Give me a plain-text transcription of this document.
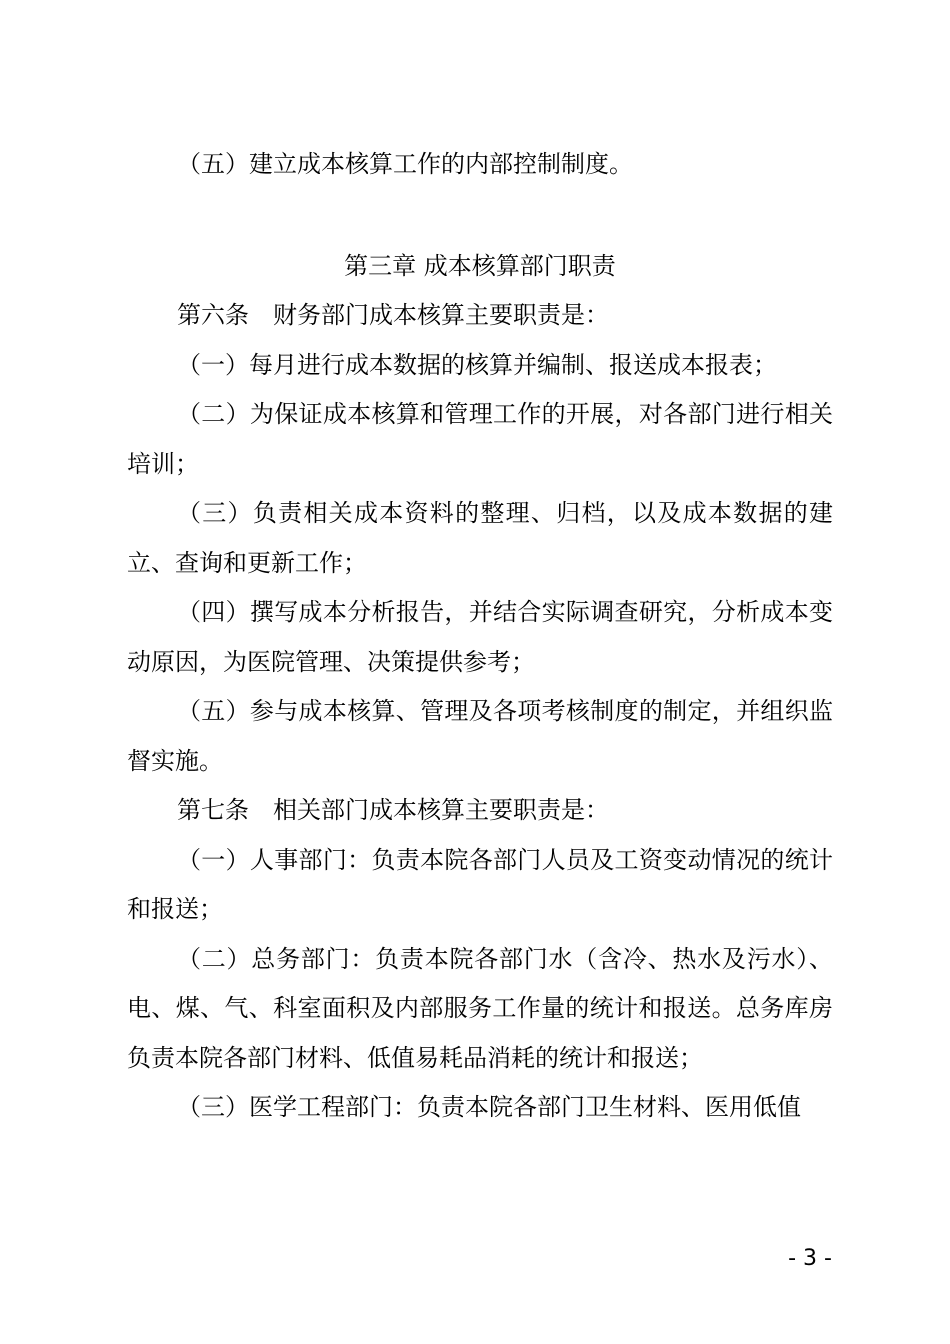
（五）建立成本核算工作的内部控制制度。

第三章 成本核算部门职责

第六条　财务部门成本核算主要职责是：

（一）每月进行成本数据的核算并编制、报送成本报表；

（二）为保证成本核算和管理工作的开展，对各部门进行相关培训；

（三）负责相关成本资料的整理、归档，以及成本数据的建立、查询和更新工作；

（四）撰写成本分析报告，并结合实际调查研究，分析成本变动原因，为医院管理、决策提供参考；

（五）参与成本核算、管理及各项考核制度的制定，并组织监督实施。

第七条　相关部门成本核算主要职责是：

（一）人事部门：负责本院各部门人员及工资变动情况的统计和报送；

（二）总务部门：负责本院各部门水（含冷、热水及污水）、电、煤、气、科室面积及内部服务工作量的统计和报送。总务库房负责本院各部门材料、低值易耗品消耗的统计和报送；

（三）医学工程部门：负责本院各部门卫生材料、医用低值

- 3 -
